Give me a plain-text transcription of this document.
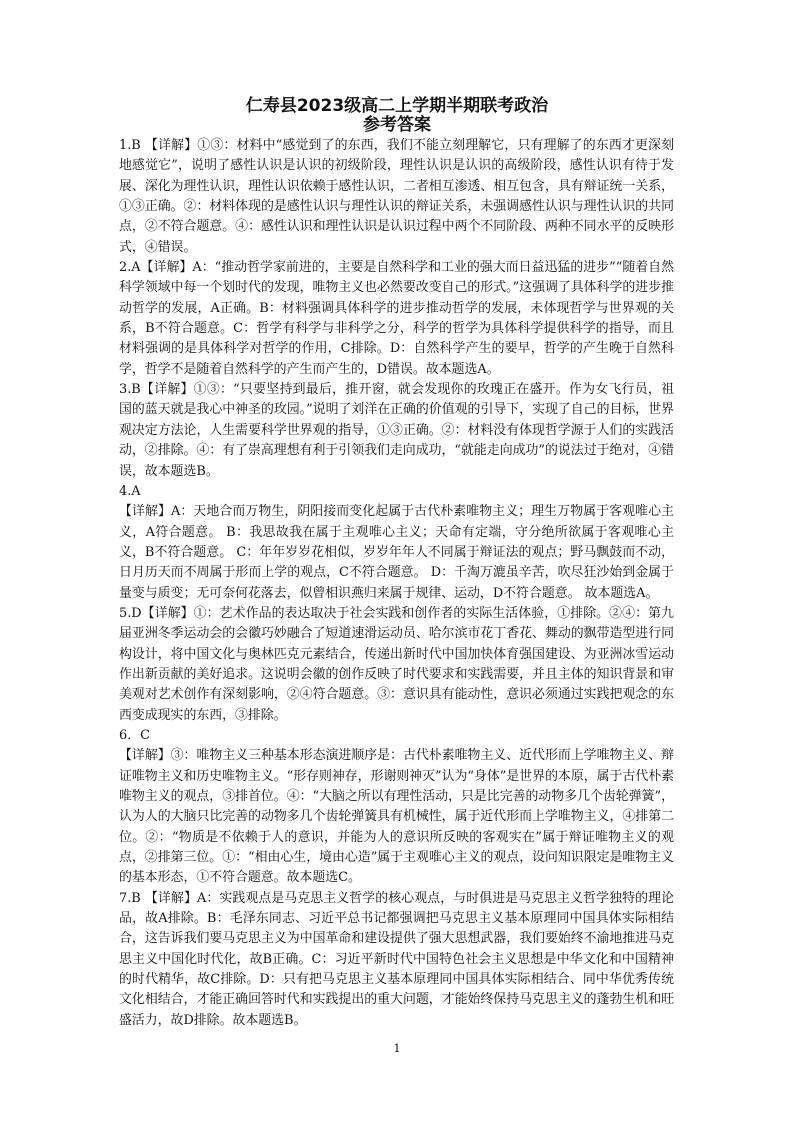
仁寿县2023级高二上学期半期联考政治
参考答案

1.B 【详解】①③：材料中“感觉到了的东西，我们不能立刻理解它，只有理解了的东西才更深刻地感觉它”，说明了感性认识是认识的初级阶段，理性认识是认识的高级阶段，感性认识有待于发展、深化为理性认识，理性认识依赖于感性认识，二者相互渗透、相互包含，具有辩证统一关系，①③正确。②：材料体现的是感性认识与理性认识的辩证关系，未强调感性认识与理性认识的共同点，②不符合题意。④：感性认识和理性认识是认识过程中两个不同阶段、两种不同水平的反映形式，④错误。

2.A【详解】A：“推动哲学家前进的，主要是自然科学和工业的强大而日益迅猛的进步”“随着自然科学领域中每一个划时代的发现，唯物主义也必然要改变自己的形式。”这强调了具体科学的进步推动哲学的发展，A正确。B：材料强调具体科学的进步推动哲学的发展，未体现哲学与世界观的关系，B不符合题意。C：哲学有科学与非科学之分，科学的哲学为具体科学提供科学的指导，而且材料强调的是具体科学对哲学的作用，C排除。D：自然科学产生的要早，哲学的产生晚于自然科学，哲学不是随着自然科学的产生而产生的，D错误。故本题选A。

3.B【详解】①③：“只要坚持到最后，推开窗，就会发现你的玫瑰正在盛开。作为女飞行员，祖国的蓝天就是我心中神圣的玫园。”说明了刘洋在正确的价值观的引导下，实现了自己的目标，世界观决定方法论，人生需要科学世界观的指导，①③正确。②：材料没有体现哲学源于人们的实践活动，②排除。④：有了崇高理想有利于引领我们走向成功，“就能走向成功”的说法过于绝对，④错误，故本题选B。

4.A

【详解】A：天地合而万物生，阴阳接而变化起属于古代朴素唯物主义；理生万物属于客观唯心主义，A符合题意。 B：我思故我在属于主观唯心主义；天命有定端，守分绝所欲属于客观唯心主义，B不符合题意。 C：年年岁岁花相似，岁岁年年人不同属于辩证法的观点；野马飘鼓而不动，日月历天而不周属于形而上学的观点，C不符合题意。 D：千淘万漉虽辛苦，吹尽狂沙始到金属于量变与质变；无可奈何花落去，似曾相识燕归来属于规律、运动，D不符合题意。 故本题选A。

5.D【详解】①：艺术作品的表达取决于社会实践和创作者的实际生活体验，①排除。②④：第九届亚洲冬季运动会的会徽巧妙融合了短道速滑运动员、哈尔滨市花丁香花、舞动的飘带造型进行同构设计，将中国文化与奥林匹克元素结合，传递出新时代中国加快体育强国建设、为亚洲冰雪运动作出新贡献的美好追求。这说明会徽的创作反映了时代要求和实践需要，并且主体的知识背景和审美观对艺术创作有深刻影响，②④符合题意。③：意识具有能动性，意识必须通过实践把观念的东西变成现实的东西，③排除。

6．C

【详解】③：唯物主义三种基本形态演进顺序是：古代朴素唯物主义、近代形而上学唯物主义、辩证唯物主义和历史唯物主义。“形存则神存，形谢则神灭”认为“身体”是世界的本原，属于古代朴素唯物主义的观点，③排首位。④：“大脑之所以有理性活动，只是比完善的动物多几个齿轮弹簧”，认为人的大脑只比完善的动物多几个齿轮弹簧具有机械性，属于近代形而上学唯物主义，④排第二位。②：“物质是不依赖于人的意识，并能为人的意识所反映的客观实在”属于辩证唯物主义的观点，②排第三位。①：“相由心生，境由心造”属于主观唯心主义的观点，设问知识限定是唯物主义的基本形态，①不符合题意。故本题选C。

7.B 【详解】A：实践观点是马克思主义哲学的核心观点，与时俱进是马克思主义哲学独特的理论品，故A排除。B：毛泽东同志、习近平总书记都强调把马克思主义基本原理同中国具体实际相结合，这告诉我们要马克思主义为中国革命和建设提供了强大思想武器，我们要始终不渝地推进马克思主义中国化时代化，故B正确。C：习近平新时代中国特色社会主义思想是中华文化和中国精神的时代精华，故C排除。D：只有把马克思主义基本原理同中国具体实际相结合、同中华优秀传统文化相结合，才能正确回答时代和实践提出的重大问题，才能始终保持马克思主义的蓬勃生机和旺盛活力，故D排除。故本题选B。

1
